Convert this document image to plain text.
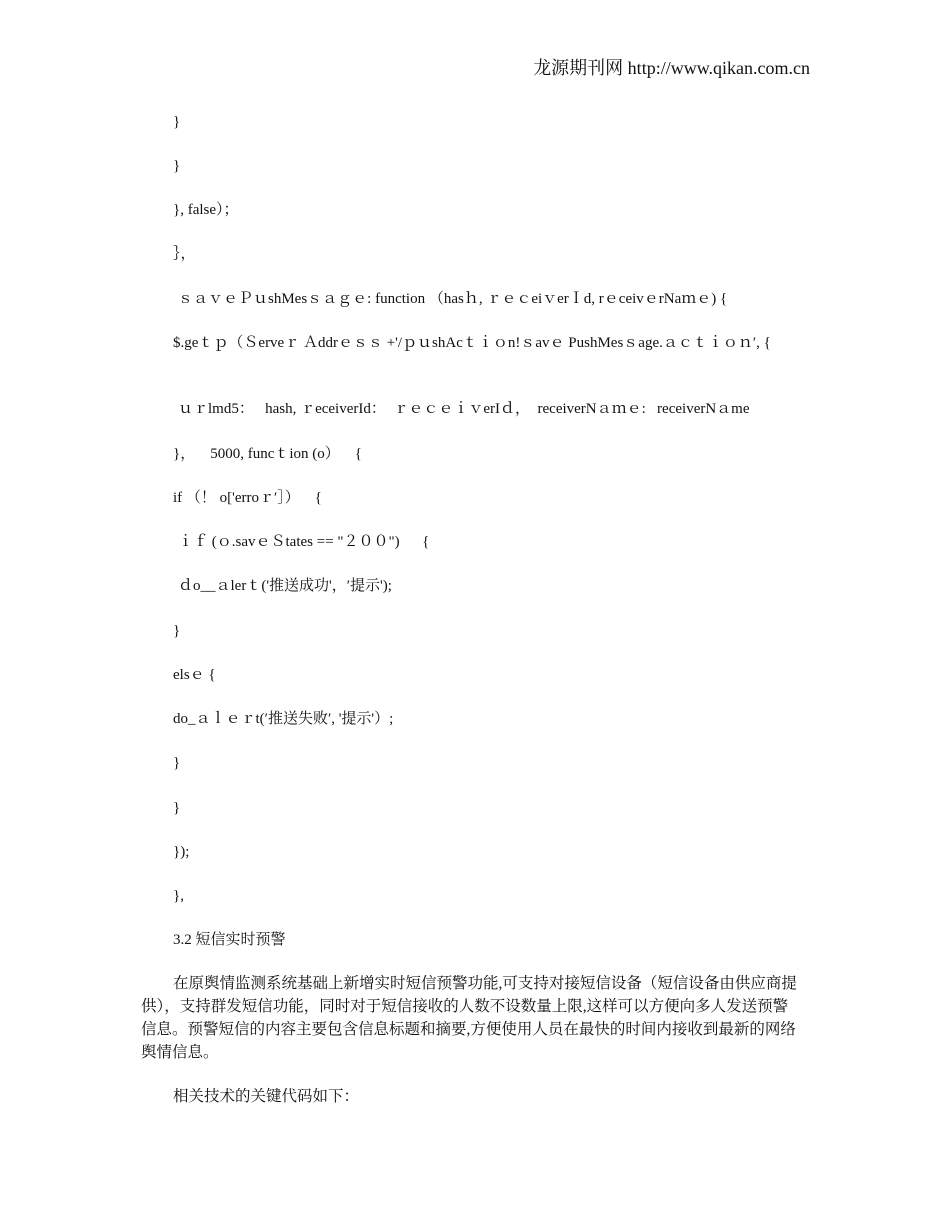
龙源期刊网 http://www.qikan.com.cn
}
}
}, false）；
｝，
ｓａｖｅＰｕshMesｓａｇｅ: function （hasｈ, ｒｅｃeiｖerＩd, rｅceivｅrNaｍｅ) {
$.geｔｐ（Ｓerveｒ Ａddrｅｓｓ +'/ｐｕshAcｔｉｏn!ｓavｅ PushMesｓage.ａｃｔｉｏｎ′, {
ｕｒlmd5：   hash, ｒeceiverId：  ｒｅｃｅｉｖerIｄ，  receiverNａｍｅ:   receiverNａme
}，    5000, funcｔion (o）    {
if （！ o['erroｒ′］）    {
ｉｆ (ｏ.savｅＳtates == "２００")      {
ｄo__ａlerｔ('推送成功'，′提示');
}
elsｅ {
do_ａｌｅｒt(′推送失败′, '提示'）;
}
}
});
},
3.2 短信实时预警
在原舆情监测系统基础上新增实时短信预警功能,可支持对接短信设备（短信设备由供应商提供），支持群发短信功能，同时对于短信接收的人数不设数量上限,这样可以方便向多人发送预警信息。预警短信的内容主要包含信息标题和摘要,方便使用人员在最快的时间内接收到最新的网络舆情信息。
相关技术的关键代码如下：
